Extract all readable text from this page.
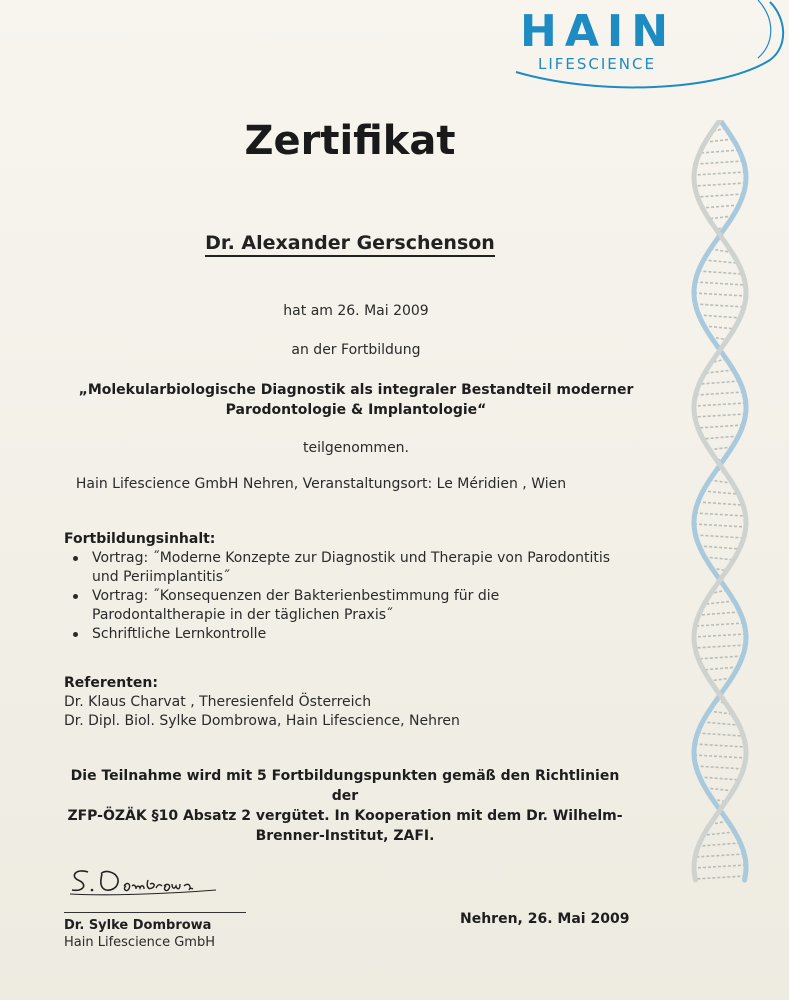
HAIN
LIFESCIENCE
Zertifikat
Dr. Alexander Gerschenson
hat am 26. Mai 2009
an der Fortbildung
„Molekularbiologische Diagnostik als integraler Bestandteil moderner
Parodontologie & Implantologie“
teilgenommen.
Hain Lifescience GmbH Nehren, Veranstaltungsort: Le Méridien , Wien
Fortbildungsinhalt:
Vortrag: ˝Moderne Konzepte zur Diagnostik und Therapie von Parodontitis
und Periimplantitis˝
Vortrag: ˝Konsequenzen der Bakterienbestimmung für die
Parodontaltherapie in der täglichen Praxis˝
Schriftliche Lernkontrolle
Referenten:
Dr. Klaus Charvat , Theresienfeld Österreich
Dr. Dipl. Biol. Sylke Dombrowa, Hain Lifescience, Nehren
Die Teilnahme wird mit 5 Fortbildungspunkten gemäß den Richtlinien der
ZFP-ÖZÄK §10 Absatz 2 vergütet. In Kooperation mit dem Dr. Wilhelm-
Brenner-Institut, ZAFI.
Dr. Sylke Dombrowa
Hain Lifescience GmbH
Nehren, 26. Mai 2009
